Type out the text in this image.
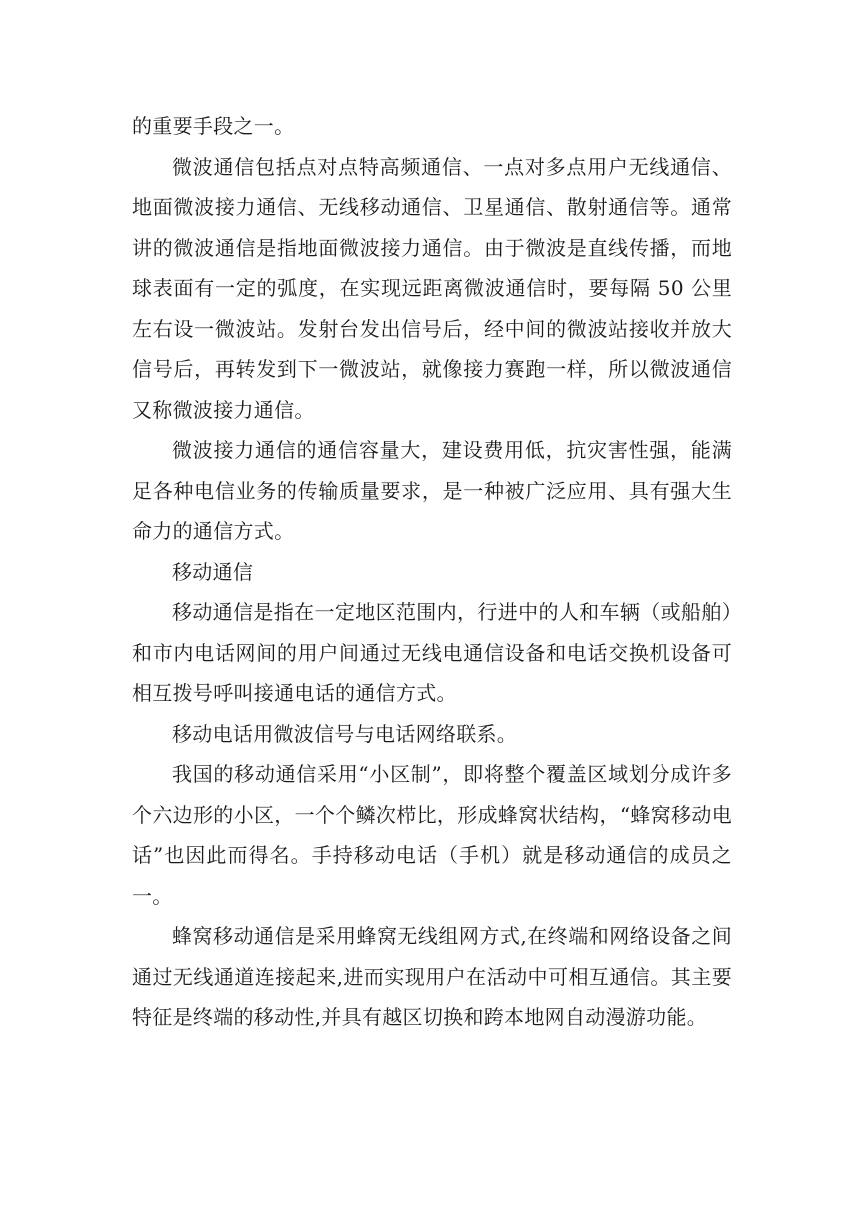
的重要手段之一。

微波通信包括点对点特高频通信、一点对多点用户无线通信、地面微波接力通信、无线移动通信、卫星通信、散射通信等。通常讲的微波通信是指地面微波接力通信。由于微波是直线传播，而地球表面有一定的弧度，在实现远距离微波通信时，要每隔 50 公里左右设一微波站。发射台发出信号后，经中间的微波站接收并放大信号后，再转发到下一微波站，就像接力赛跑一样，所以微波通信又称微波接力通信。

微波接力通信的通信容量大，建设费用低，抗灾害性强，能满足各种电信业务的传输质量要求，是一种被广泛应用、具有强大生命力的通信方式。

移动通信

移动通信是指在一定地区范围内，行进中的人和车辆（或船舶）和市内电话网间的用户间通过无线电通信设备和电话交换机设备可相互拨号呼叫接通电话的通信方式。

移动电话用微波信号与电话网络联系。

我国的移动通信采用“小区制”，即将整个覆盖区域划分成许多个六边形的小区，一个个鳞次栉比，形成蜂窝状结构，“蜂窝移动电话”也因此而得名。手持移动电话（手机）就是移动通信的成员之一。

蜂窝移动通信是采用蜂窝无线组网方式,在终端和网络设备之间通过无线通道连接起来,进而实现用户在活动中可相互通信。其主要特征是终端的移动性,并具有越区切换和跨本地网自动漫游功能。
